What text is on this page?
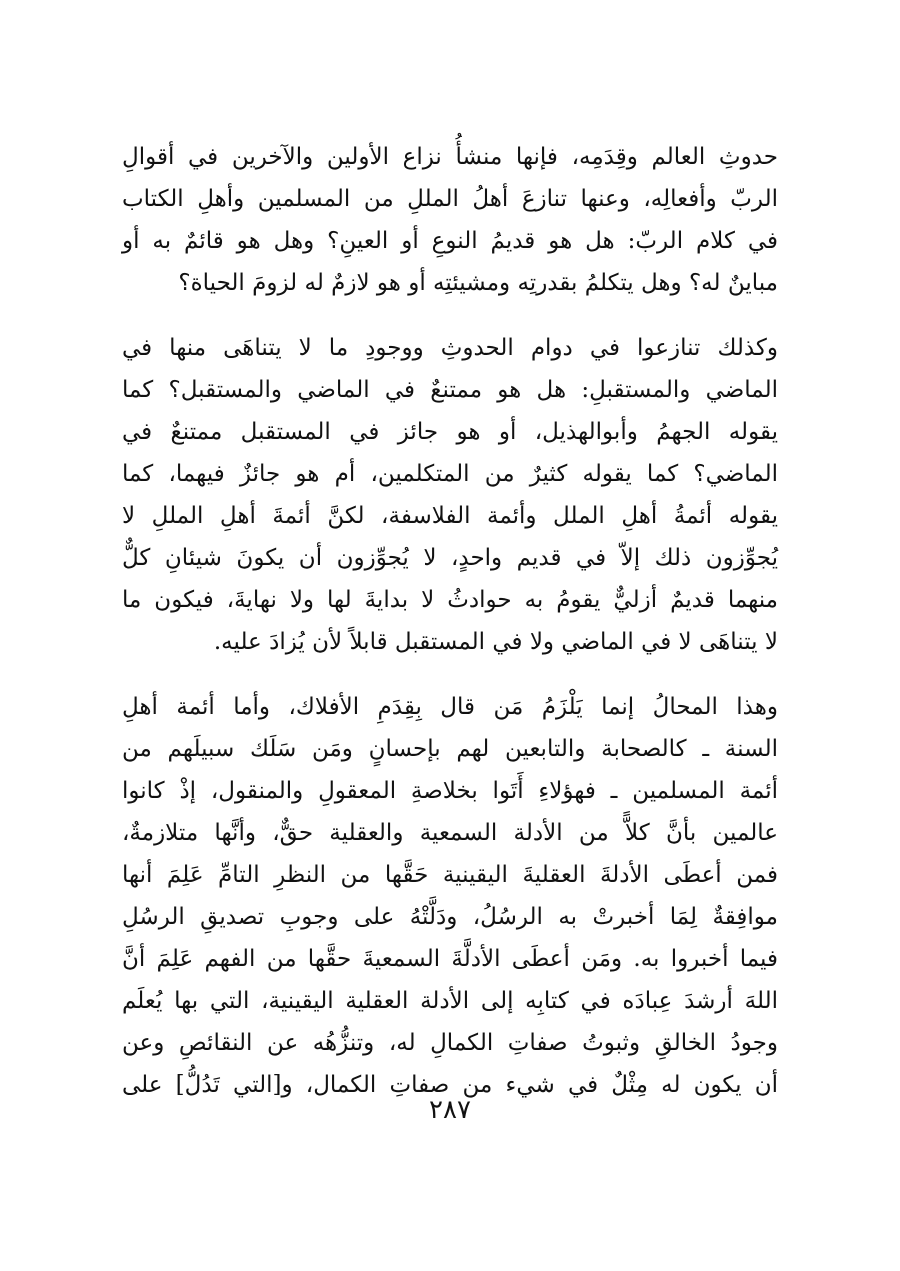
حدوثِ العالم وقِدَمِه، فإنها منشأُ نزاع الأولين والآخرين في أقوالِ
الربّ وأفعالِه، وعنها تنازعَ أهلُ المللِ من المسلمين وأهلِ الكتاب
في كلام الربّ: هل هو قديمُ النوعِ أو العينِ؟ وهل هو قائمٌ به أو
مباينٌ له؟ وهل يتكلمُ بقدرتِه ومشيئتِه أو هو لازمٌ له لزومَ الحياة؟
وكذلك تنازعوا في دوام الحدوثِ ووجودِ ما لا يتناهَى منها في
الماضي والمستقبلِ: هل هو ممتنعٌ في الماضي والمستقبل؟ كما
يقوله الجهمُ وأبوالهذيل، أو هو جائز في المستقبل ممتنعٌ في
الماضي؟ كما يقوله كثيرٌ من المتكلمين، أم هو جائزٌ فيهما، كما
يقوله أئمةُ أهلِ الملل وأئمة الفلاسفة، لكنَّ أئمةَ أهلِ المللِ لا
يُجوِّزون ذلك إلاّ في قديم واحدٍ، لا يُجوِّزون أن يكونَ شيئانِ كلٌّ
منهما قديمٌ أزليٌّ يقومُ به حوادثُ لا بدايةَ لها ولا نهايةَ، فيكون ما
لا يتناهَى لا في الماضي ولا في المستقبل قابلاً لأن يُزادَ عليه.
وهذا المحالُ إنما يَلْزَمُ مَن قال بِقِدَمِ الأفلاك، وأما أئمة أهلِ
السنة ـ كالصحابة والتابعين لهم بإحسانٍ ومَن سَلَك سبيلَهم من
أئمة المسلمين ـ فهؤلاءِ أَتَوا بخلاصةِ المعقولِ والمنقول، إذْ كانوا
عالمين بأنَّ كلاًّ من الأدلة السمعية والعقلية حقٌّ، وأنَّها متلازمةٌ،
فمن أعطَى الأدلةَ العقليةَ اليقينية حَقَّها من النظرِ التامِّ عَلِمَ أنها
موافِقةٌ لِمَا أخبرتْ به الرسُلُ، ودَلَّتْهُ على وجوبِ تصديقِ الرسُلِ
فيما أخبروا به. ومَن أعطَى الأدلَّةَ السمعيةَ حقَّها من الفهم عَلِمَ أنَّ
اللهَ أرشدَ عِبادَه في كتابِه إلى الأدلة العقلية اليقينية، التي بها يُعلَم
وجودُ الخالقِ وثبوتُ صفاتِ الكمالِ له، وتنزُّهُه عن النقائصِ وعن
أن يكون له مِثْلٌ في شيء من صفاتِ الكمال، و[التي تَدُلُّ] على
٢٨٧
